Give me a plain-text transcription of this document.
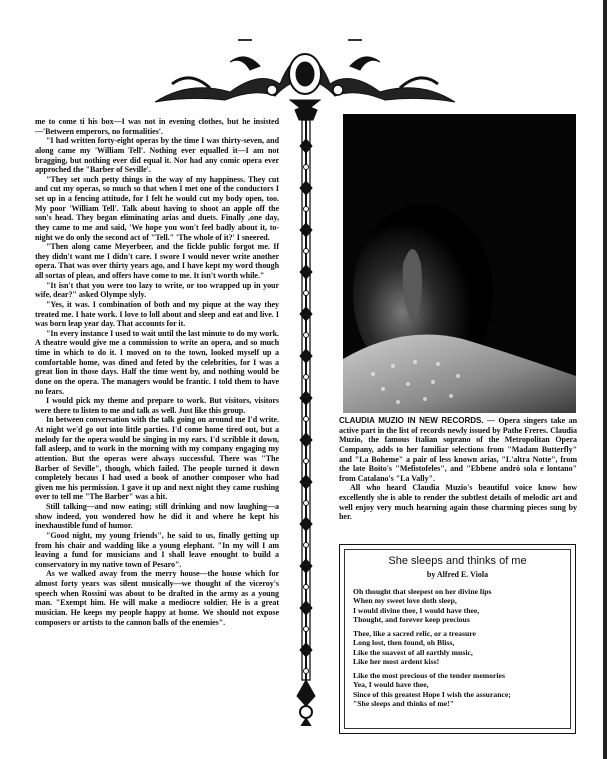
me to come ti his box—I was not in evening clothes, but he insisted—'Between emperors, no formalities'.

"I had written forty-eight operas by the time I was thirty-seven, and along came my 'William Tell'. Nothing ever equalled it—I am not bragging, but nothing ever did equal it. Nor had any comic opera ever approched the "Barber of Seville'.

"They set such petty things in the way of my happiness. They cut and cut my operas, so much so that when I met one of the conductors I set up in a fencing attitude, for I felt he would cut my body open, too. My poor 'William Tell'. Talk about having to shoot an apple off the son's head. They began eliminating arias and duets. Finally ,one day, they came to me and said, 'We hope you won't feel badly about it, to-night we do only the second act of "Tell." 'The whole of it?' I sneered.

"Then along came Meyerbeer, and the fickle public forgot me. If they didn't want me I didn't care. I swore I would never write another opera. That was over thirty years ago, and I have kept my word though all sortas of pleas, and offers have come to me. It isn't worth while."

"It isn't that you were too lazy to write, or too wrapped up in your wife, dear?" asked Olympe slyly.

"Yes, it was. I combination of both and my pique at the way they treated me. I hate work. I love to loll about and sleep and eat and live. I was born leap year day. That accounts for it.

"In every instance I used to wait until the last minute to do my work. A theatre would give me a commission to write an opera, and so much time in which to do it. I moved on to the town, looked myself up a comfortable home, was dined and feted by the celebrities, for I was a great lion in those days. Half the time went by, and nothing would be done on the opera. The managers would be frantic. I told them to have no fears.

I would pick my theme and prepare to work. But visitors, visitors were there to listen to me and talk as well. Just like this group.

In between conversation with the talk going on around me I'd write. At night we'd go out into little parties. I'd come home tired out, but a melody for the opera would be singing in my ears. I'd scribble it down, fall asleep, and to work in the morning with my company engaging my attention. But the operas were always successful. There was "The Barber of Seville", though, which failed. The people turned it down completely becaus I had used a book of another composer who had given me his permission. I gave it up and next night they came rushing over to tell me "The Barber" was a hit.

Still talking—and now eating; still drinking and now laughing—a show indeed, you wondered how he did it and where he kept his inexhaustible fund of humor.

"Good night, my young friends", he said to us, finally getting up from his chair and wadding like a young elephant. "In my will I am leaving a fund for musicians and I shall leave enought to build a conservatory in my native town of Pesaro".

As we walked away from the merry house—the house which for almost forty years was silent musically—we thought of the viceroy's speech when Rossini was about to be drafted in the army as a young man. "Exempt him. He will make a mediocre soldier. He is a great musician. He keeps my people happy at home. We should not expose composers or artists to the cannon balls of the enemies".

CLAUDIA MUZIO IN NEW RECORDS. — Opera singers take an active part in the list of records newly issued by Pathe Freres. Claudia Muzio, the famous Italian soprano of the Metropolitan Opera Company, adds to her familiar selections from "Madam Butterfly" and "La Boheme" a pair of less known arias, "L'altra Notte", from the late Boito's "Mefistofeles", and "Ebbene andrò sola e lontano" from Catalano's "La Vally".

All who heard Claudia Muzio's beautiful voice know how excellently she is able to render the subtlest details of melodic art and well enjoy very much hearning again those charming pieces sung by her.

She sleeps and thinks of me
by Alfred E. Viola
Oh thought that sleepest on her divine lips
When my sweet love doth sleep,
I would divine thee, I would have thee,
Thought, and forever keep precious
Thee, like a sacred relic, or a treasure
Long lost, then found, oh Bliss,
Like the suavest of all earthly music,
Like her most ardent kiss!
Like the most precious of the tender memories
Yea, I would have thee,
Since of this greatest Hope I wish the assurance;
"She sleeps and thinks of me!"
